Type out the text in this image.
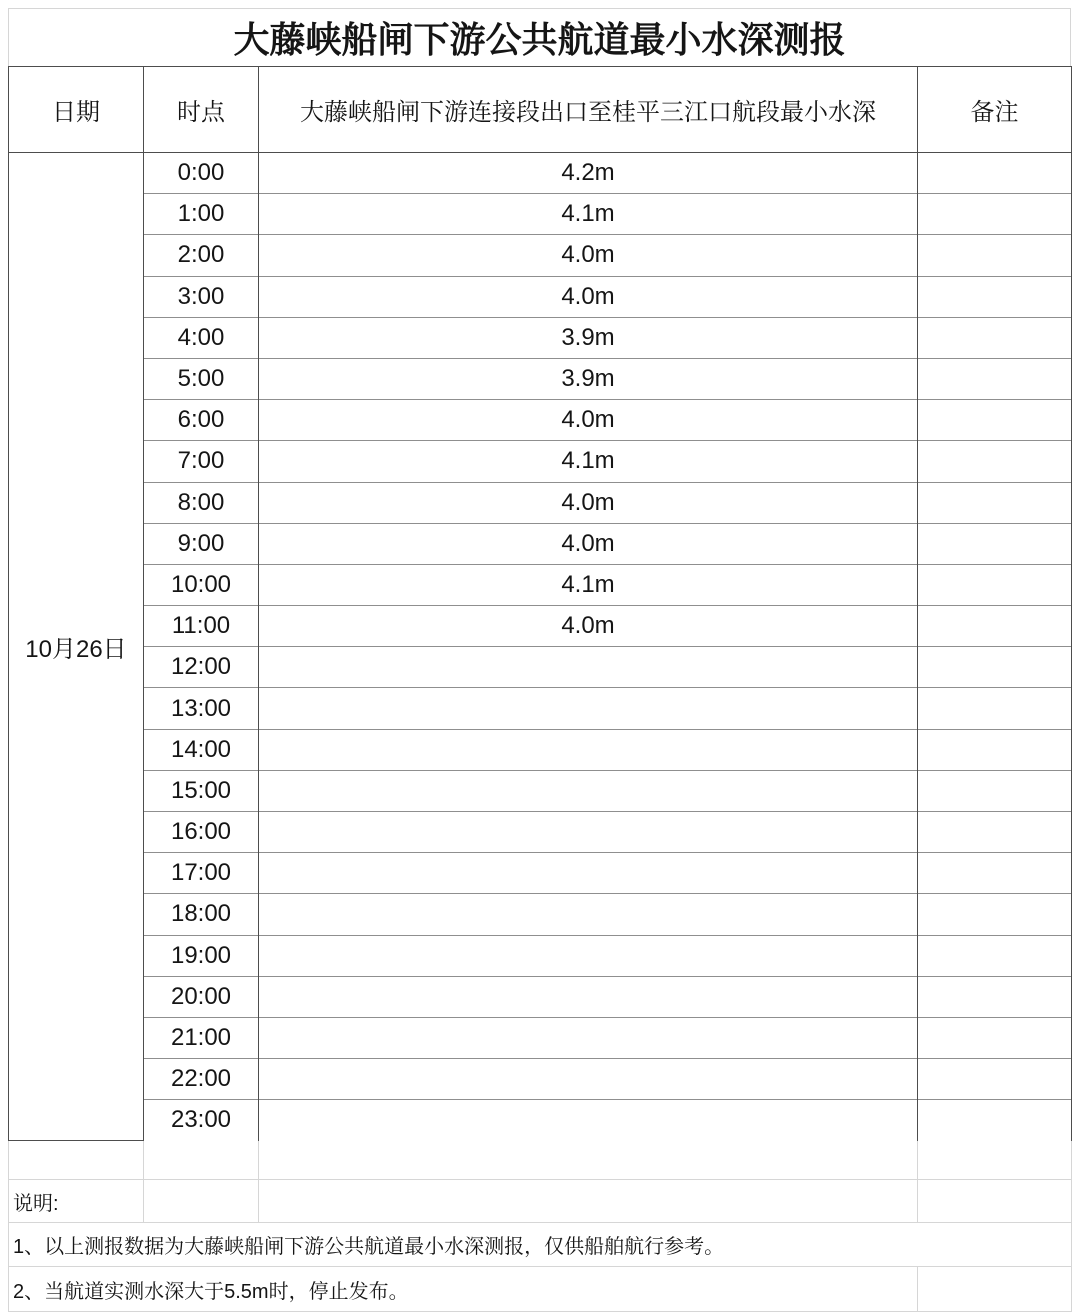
大藤峡船闸下游公共航道最小水深测报
日期	时点	大藤峡船闸下游连接段出口至桂平三江口航段最小水深	备注
10月26日	0:00	4.2m	
	1:00	4.1m	
	2:00	4.0m	
	3:00	4.0m	
	4:00	3.9m	
	5:00	3.9m	
	6:00	4.0m	
	7:00	4.1m	
	8:00	4.0m	
	9:00	4.0m	
	10:00	4.1m	
	11:00	4.0m	
	12:00		
	13:00		
	14:00		
	15:00		
	16:00		
	17:00		
	18:00		
	19:00		
	20:00		
	21:00		
	22:00		
	23:00		

说明:			
1、以上测报数据为大藤峡船闸下游公共航道最小水深测报，仅供船舶航行参考。			
2、当航道实测水深大于5.5m时，停止发布。			
